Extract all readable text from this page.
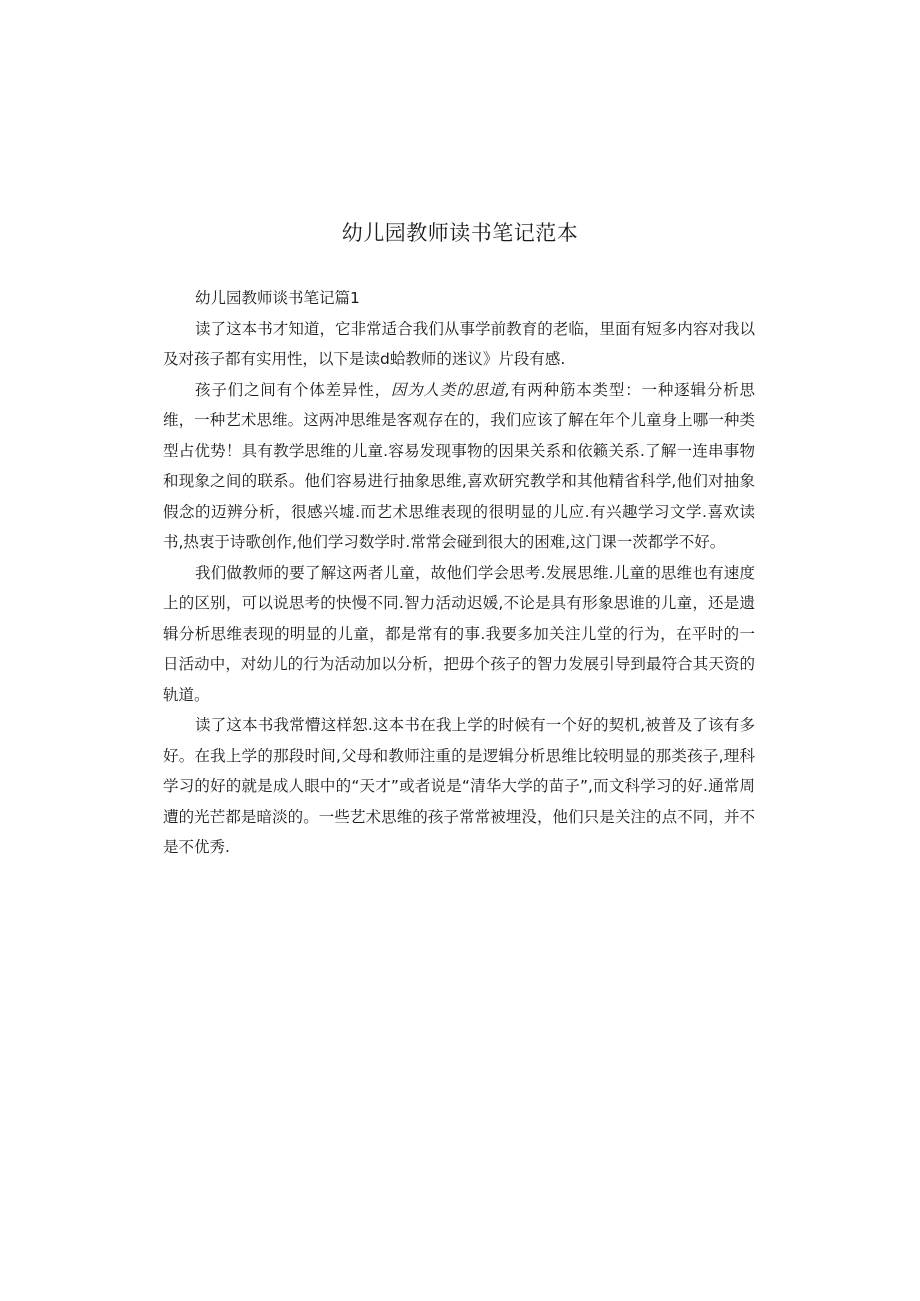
幼儿园教师读书笔记范本

幼儿园教师谈书笔记篇1

读了这本书才知道，它非常适合我们从事学前教育的老临，里面有短多内容对我以及对孩子都有实用性，以下是读d蛤教师的迷议》片段有感.

孩子们之间有个体差异性，因为人类的思道,有两种筋本类型：一种逐辑分析思维，一种艺术思维。这两冲思维是客观存在的，我们应该了解在年个儿童身上哪一种类型占优势！具有教学思维的儿童.容易发现事物的因果关系和依籁关系.了解一连串事物和现象之间的联系。他们容易进行抽象思维,喜欢研究教学和其他精省科学,他们对抽象假念的迈辨分析，很感兴墟.而艺术思维表现的很明显的儿应.有兴趣学习文学.喜欢读书,热衷于诗歌创作,他们学习数学时.常常会碰到很大的困难,这门课一茨都学不好。

我们做教师的要了解这两者儿童，故他们学会思考.发展思维.儿童的思维也有速度上的区别，可以说思考的快慢不同.智力活动迟媛,不论是具有形象思谁的儿童，还是遗辑分析思维表现的明显的儿童，都是常有的事.我要多加关注儿堂的行为，在平时的一日活动中，对幼儿的行为活动加以分析，把毋个孩子的智力发展引导到最符合其天资的轨道。

读了这本书我常懵这样恕.这本书在我上学的时候有一个好的契机,被普及了该有多好。在我上学的那段时间,父母和教师注重的是逻辑分析思维比较明显的那类孩子,理科学习的好的就是成人眼中的“天才”或者说是“清华大学的苗子”,而文科学习的好.通常周遭的光芒都是暗淡的。一些艺术思维的孩子常常被埋没，他们只是关注的点不同，并不是不优秀.
